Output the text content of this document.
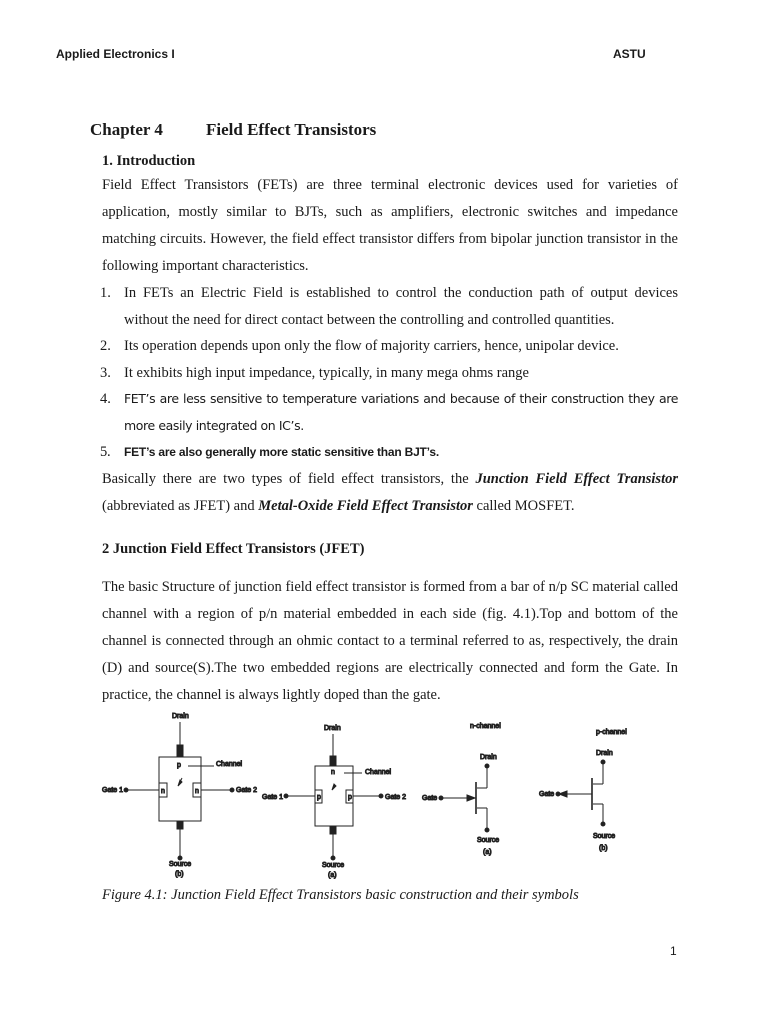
Applied Electronics I	ASTU
Chapter 4	Field Effect Transistors
1. Introduction

Field Effect Transistors (FETs) are three terminal electronic devices used for varieties of application, mostly similar to BJTs, such as amplifiers, electronic switches and impedance matching circuits. However, the field effect transistor differs from bipolar junction transistor in the following important characteristics.

1. In FETs an Electric Field is established to control the conduction path of output devices without the need for direct contact between the controlling and controlled quantities.
2. Its operation depends upon only the flow of majority carriers, hence, unipolar device.
3. It exhibits high input impedance, typically, in many mega ohms range
4. FET’s are less sensitive to temperature variations and because of their construction they are more easily integrated on IC’s.
5. FET’s are also generally more static sensitive than BJT’s.

Basically there are two types of field effect transistors, the Junction Field Effect Transistor (abbreviated as JFET) and Metal-Oxide Field Effect Transistor called MOSFET.

2 Junction Field Effect Transistors (JFET)

The basic Structure of junction field effect transistor is formed from a bar of n/p SC material called channel with a region of p/n material embedded in each side (fig. 4.1).Top and bottom of the channel is connected through an ohmic contact to a terminal referred to as, respectively, the drain (D) and source(S).The two embedded regions are electrically connected and form the Gate. In practice, the channel is always lightly doped than the gate.

Drain
p	Channel
n	n
Gate 1	Gate 2
Source
(b)
Drain
n	Channel
p	p
Gate 1	Gate 2
Source
(a)
n-channel
Drain
Gate
Source
(a)
p-channel
Drain
Gate
Source
(b)
Figure 4.1: Junction Field Effect Transistors basic construction and their symbols
1
